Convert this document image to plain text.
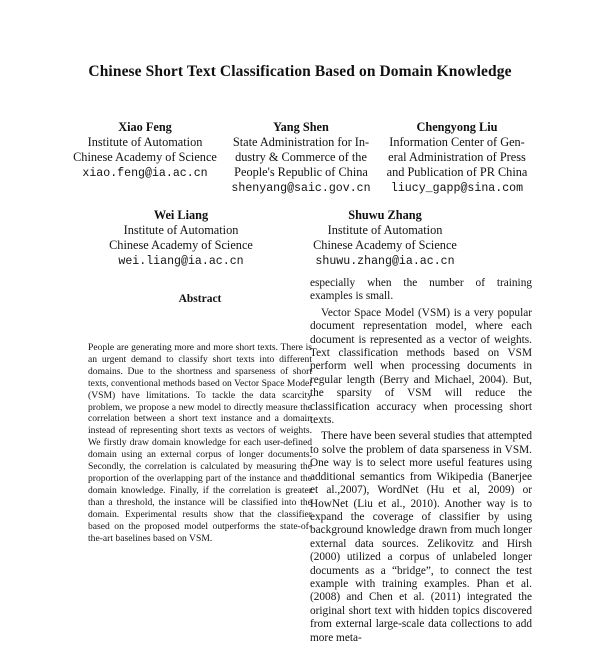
Chinese Short Text Classification Based on Domain Knowledge
Xiao Feng
Institute of Automation
Chinese Academy of Science
xiao.feng@ia.ac.cn
Yang Shen
State Administration for In-
dustry & Commerce of the
People's Republic of China
shenyang@saic.gov.cn
Chengyong Liu
Information Center of Gen-
eral Administration of Press
and Publication of PR China
liucy_gapp@sina.com
Wei Liang
Institute of Automation
Chinese Academy of Science
wei.liang@ia.ac.cn
Shuwu Zhang
Institute of Automation
Chinese Academy of Science
shuwu.zhang@ia.ac.cn
Abstract

People are generating more and more short texts. There is an urgent demand to classify short texts into different domains. Due to the shortness and sparseness of short texts, conventional methods based on Vector Space Model (VSM) have limitations. To tackle the data scarcity problem, we propose a new model to directly measure the correlation between a short text instance and a domain instead of representing short texts as vectors of weights. We firstly draw domain knowledge for each user-defined domain using an external corpus of longer documents. Secondly, the correlation is calculated by measuring the proportion of the overlapping part of the instance and the domain knowledge. Finally, if the correlation is greater than a threshold, the instance will be classified into the domain. Experimental results show that the classifier based on the proposed model outperforms the state-of-the-art baselines based on VSM.

especially when the number of training examples is small.

Vector Space Model (VSM) is a very popular document representation model, where each document is represented as a vector of weights. Text classification methods based on VSM perform well when processing documents in regular length (Berry and Michael, 2004). But, the sparsity of VSM will reduce the classification accuracy when processing short texts.

There have been several studies that attempted to solve the problem of data sparseness in VSM. One way is to select more useful features using additional semantics from Wikipedia (Banerjee et al.,2007), WordNet (Hu et al, 2009) or HowNet (Liu et al., 2010). Another way is to expand the coverage of classifier by using background knowledge drawn from much longer external data sources. Zelikovitz and Hirsh (2000) utilized a corpus of unlabeled longer documents as a “bridge”, to connect the test example with training examples. Phan et al. (2008) and Chen et al. (2011) integrated the original short text with hidden topics discovered from external large-scale data collections to add more meta-
